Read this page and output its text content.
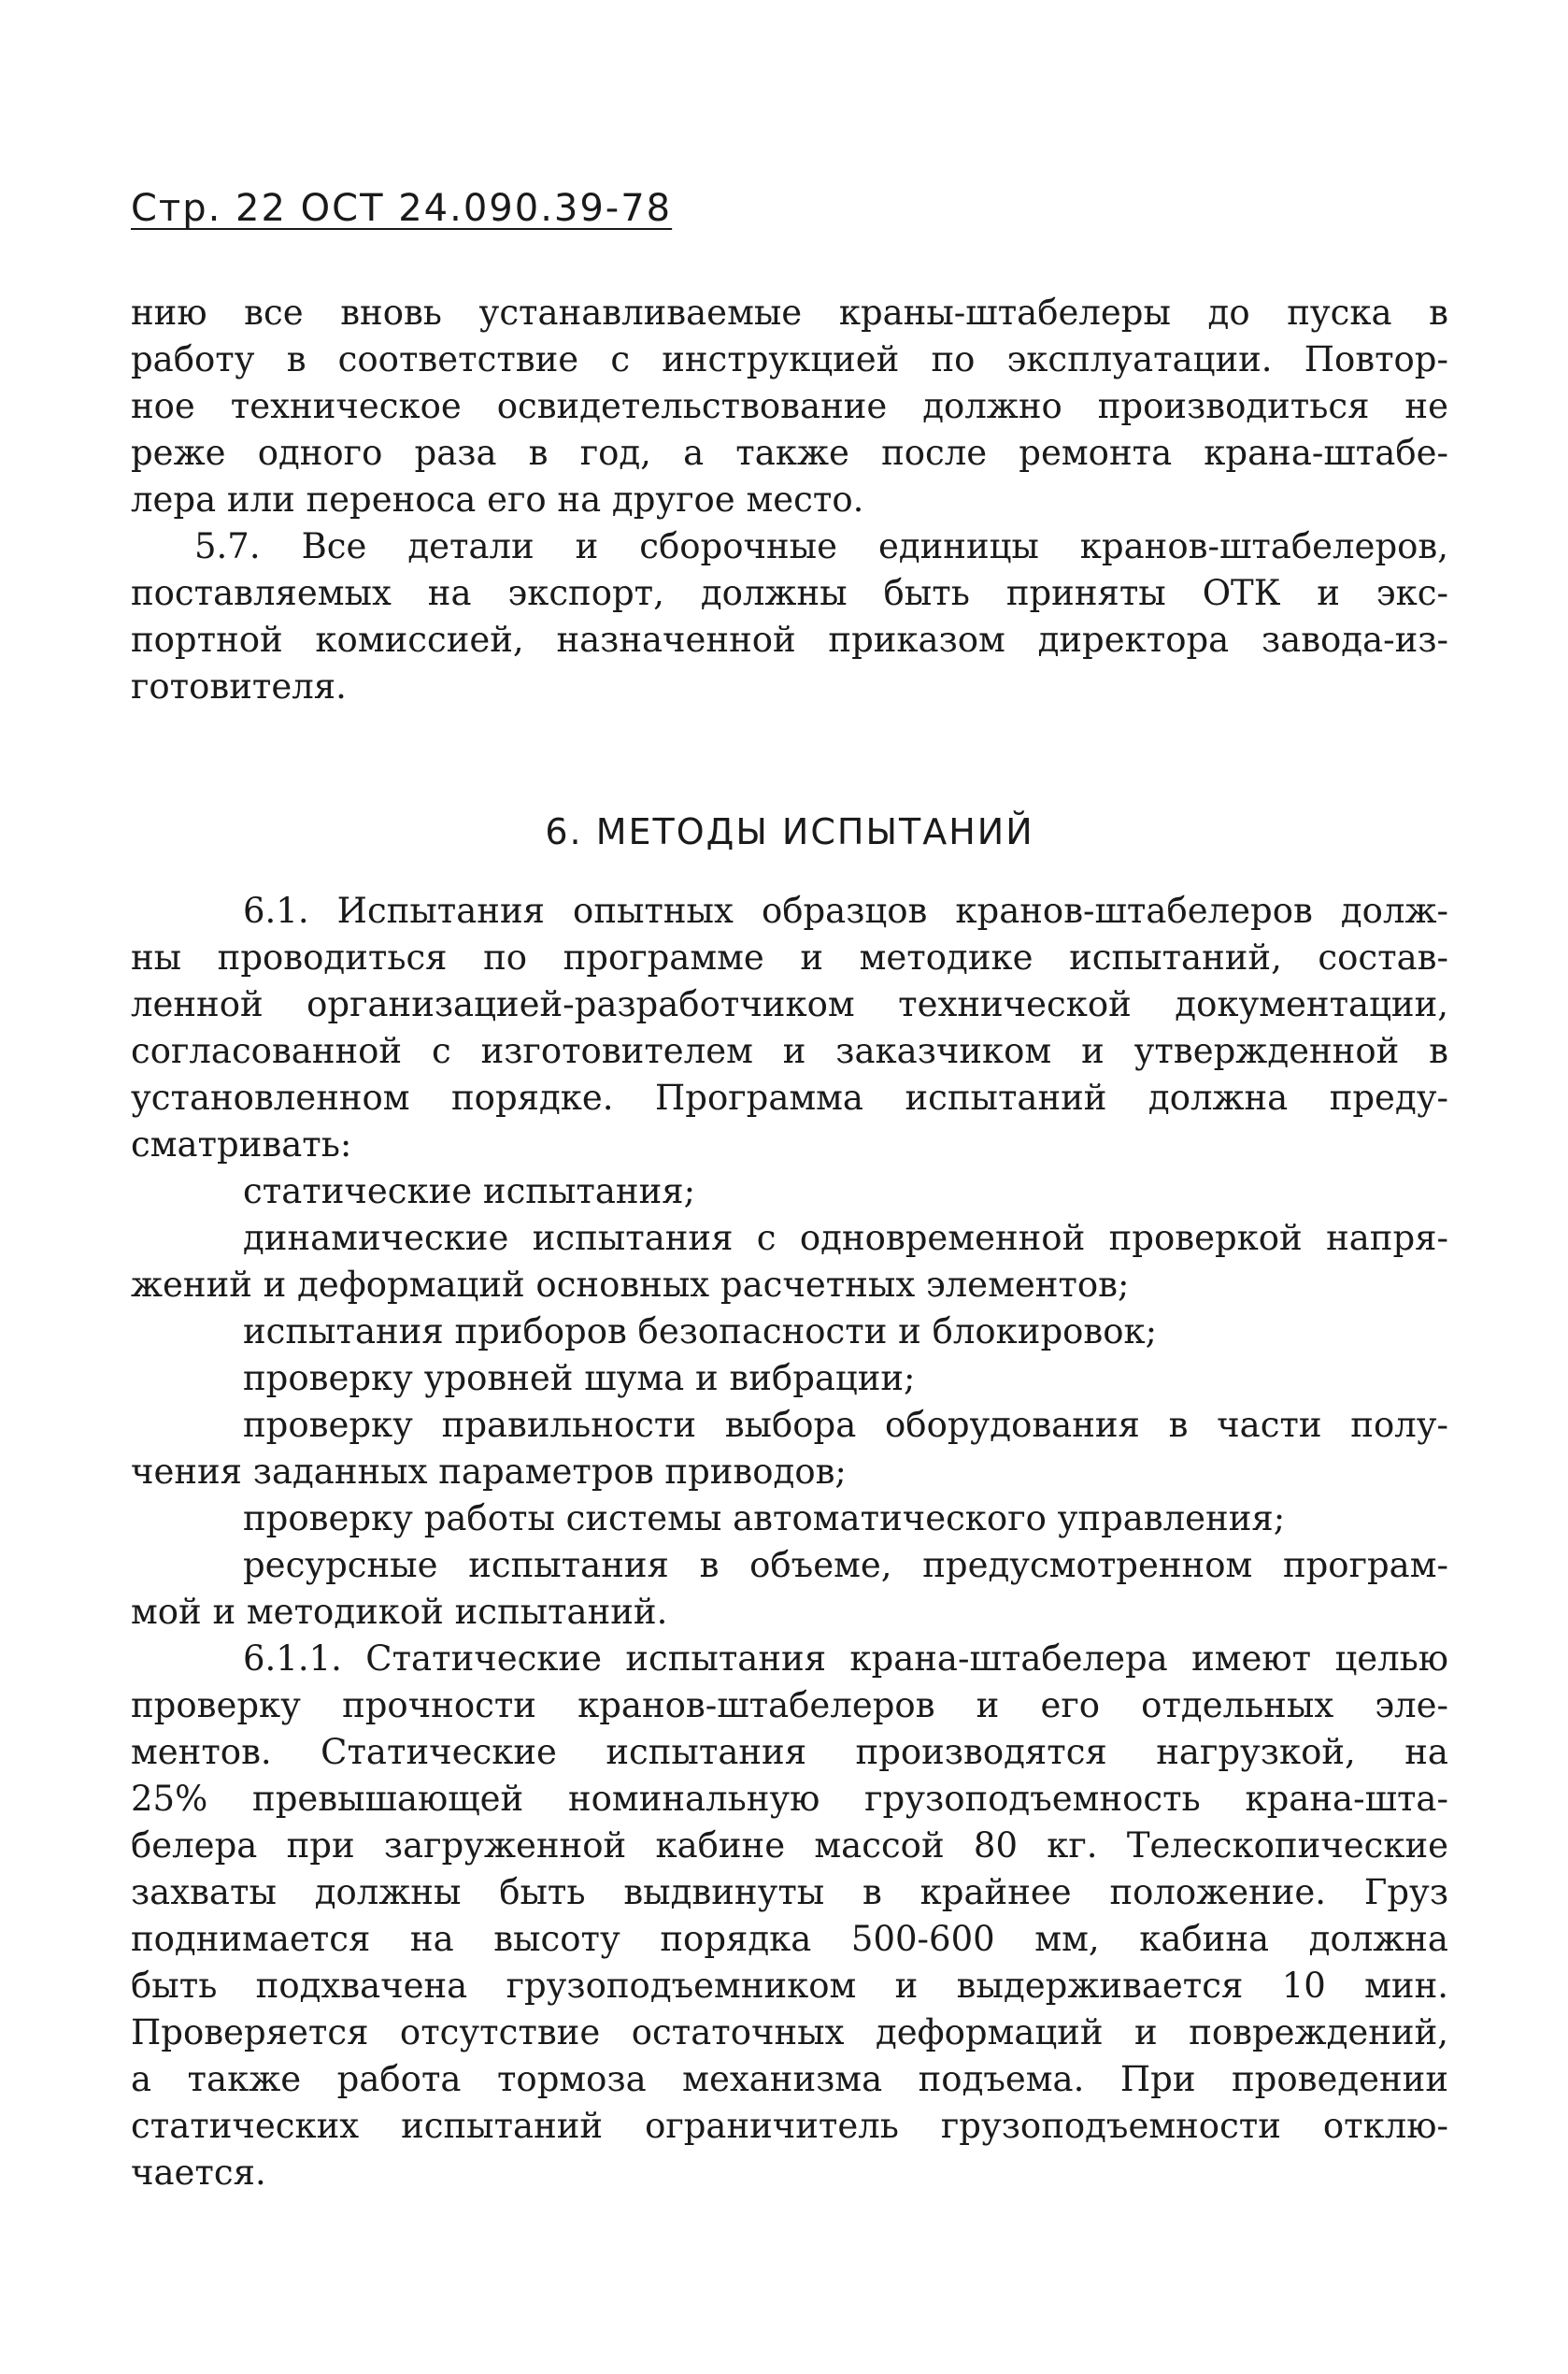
Стр. 22 ОСТ 24.090.39-78
нию все вновь устанавливаемые краны-штабелеры до пуска в
работу в соответствие с инструкцией по эксплуатации. Повтор-
ное техническое освидетельствование должно производиться не
реже одного раза в год, а также после ремонта крана-штабе-
лера или переноса его на другое место.
5.7. Все детали и сборочные единицы кранов-штабелеров,
поставляемых на экспорт, должны быть приняты ОТК и экс-
портной комиссией, назначенной приказом директора завода-из-
готовителя.
6. МЕТОДЫ ИСПЫТАНИЙ
6.1. Испытания опытных образцов кранов-штабелеров долж-
ны проводиться по программе и методике испытаний, состав-
ленной организацией-разработчиком технической документации,
согласованной с изготовителем и заказчиком и утвержденной в
установленном порядке. Программа испытаний должна преду-
сматривать:
статические испытания;
динамические испытания с одновременной проверкой напря-
жений и деформаций основных расчетных элементов;
испытания приборов безопасности и блокировок;
проверку уровней шума и вибрации;
проверку правильности выбора оборудования в части полу-
чения заданных параметров приводов;
проверку работы системы автоматического управления;
ресурсные испытания в объеме, предусмотренном програм-
мой и методикой испытаний.
6.1.1. Статические испытания крана-штабелера имеют целью
проверку прочности кранов-штабелеров и его отдельных эле-
ментов. Статические испытания производятся нагрузкой, на
25% превышающей номинальную грузоподъемность крана-шта-
белера при загруженной кабине массой 80 кг. Телескопические
захваты должны быть выдвинуты в крайнее положение. Груз
поднимается на высоту порядка 500-600 мм, кабина должна
быть подхвачена грузоподъемником и выдерживается 10 мин.
Проверяется отсутствие остаточных деформаций и повреждений,
а также работа тормоза механизма подъема. При проведении
статических испытаний ограничитель грузоподъемности отклю-
чается.
